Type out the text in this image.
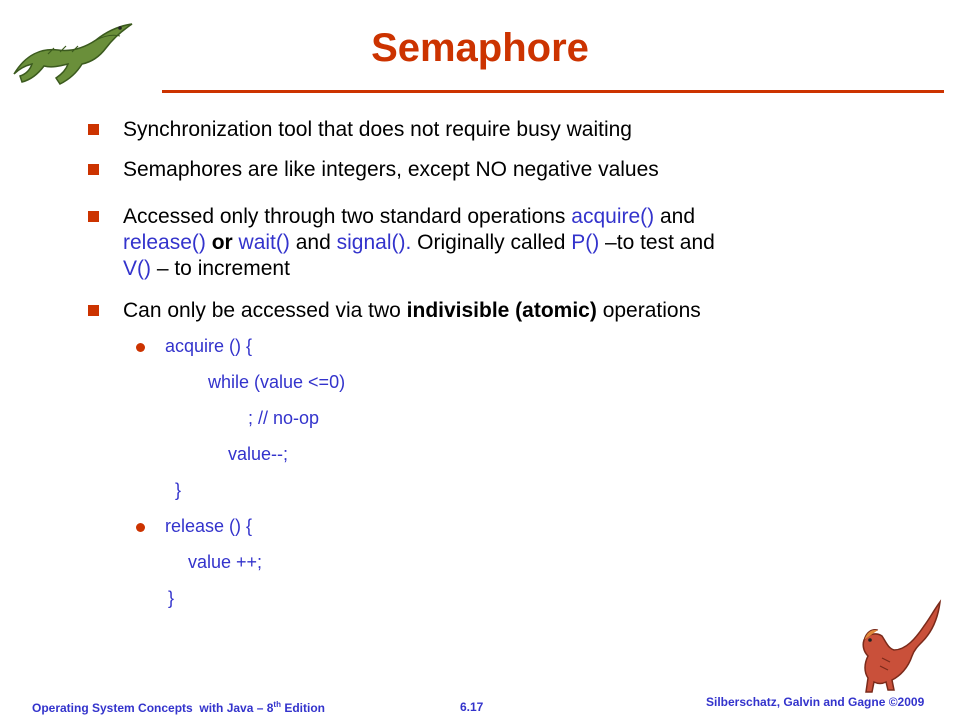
Semaphore
Synchronization tool that does not require busy waiting
Semaphores are like integers, except NO negative values
Accessed only through two standard operations acquire() and
release() or wait() and signal(). Originally called P() –to test and
V() – to increment
Can only be accessed via two indivisible (atomic) operations
acquire () {
while (value <=0)
; // no-op
value--;
}
release () {
value ++;
}
Operating System Concepts  with Java – 8th Edition	6.17	Silberschatz, Galvin and Gagne ©2009
